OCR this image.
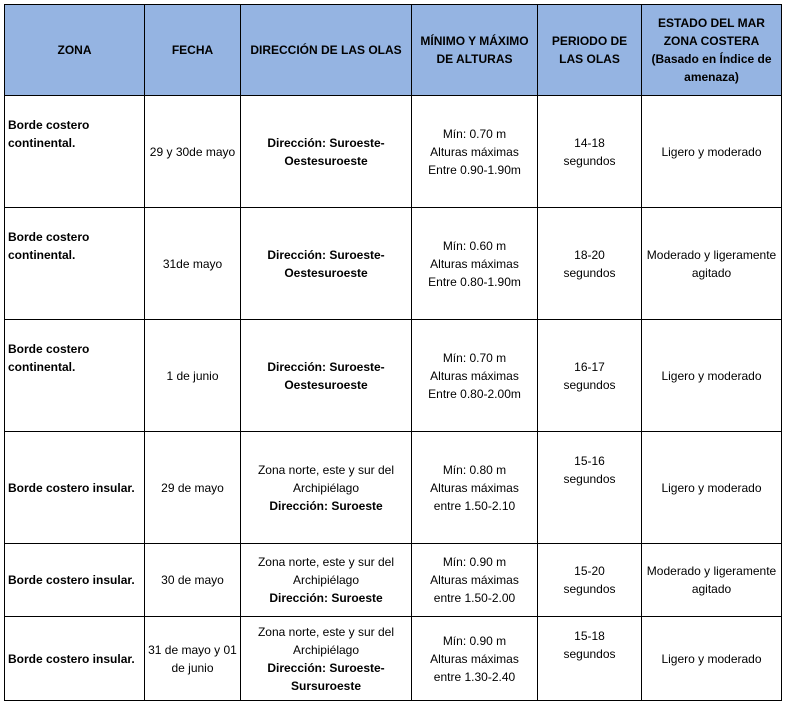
ZONA	FECHA	DIRECCIÓN DE LAS OLAS	MÍNIMO Y MÁXIMO DE ALTURAS	PERIODO DE LAS OLAS	ESTADO DEL MAR
ZONA COSTERA
(Basado en Índice de amenaza)

Borde costero continental.	29 y 30de mayo	Dirección: Suroeste-Oestesuroeste	Mín: 0.70 m
Alturas máximas
Entre 0.90-1.90m	14-18
segundos	Ligero y moderado
Borde costero continental.	31de mayo	Dirección: Suroeste-Oestesuroeste	Mín: 0.60 m
Alturas máximas
Entre 0.80-1.90m	18-20
segundos	Moderado y ligeramente agitado
Borde costero continental.	1 de junio	Dirección: Suroeste-Oestesuroeste	Mín: 0.70 m
Alturas máximas
Entre 0.80-2.00m	16-17
segundos	Ligero y moderado
Borde costero insular.	29 de mayo	Zona norte, este y sur del Archipiélago
Dirección: Suroeste	Mín: 0.80 m
Alturas máximas
entre 1.50-2.10	15-16
segundos	Ligero y moderado
Borde costero insular.	30 de mayo	Zona norte, este y sur del Archipiélago
Dirección: Suroeste	Mín: 0.90 m
Alturas máximas
entre 1.50-2.00	15-20
segundos	Moderado y ligeramente agitado
Borde costero insular.	31 de mayo y 01 de junio	Zona norte, este y sur del Archipiélago
Dirección: Suroeste-Sursuroeste	Mín: 0.90 m
Alturas máximas
entre 1.30-2.40	15-18
segundos	Ligero y moderado
